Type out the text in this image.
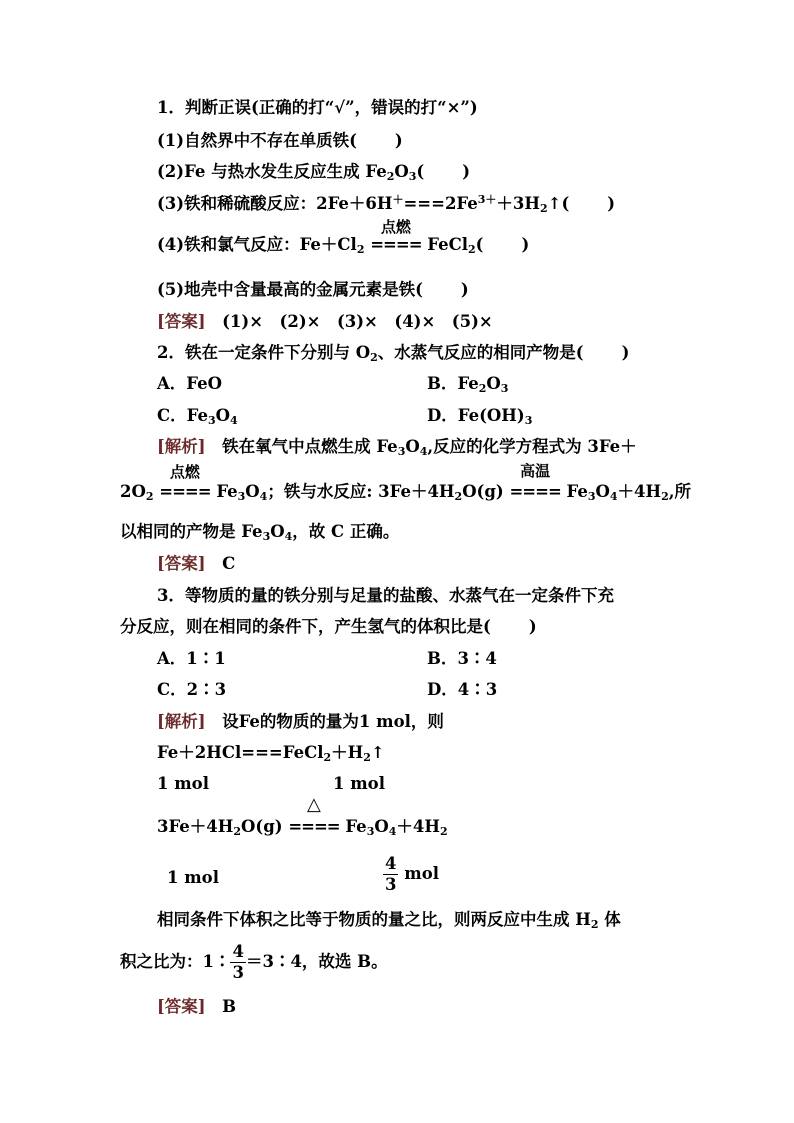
1．判断正误(正确的打“√”，错误的打“×”)
(1)自然界中不存在单质铁( )
(2)Fe 与热水发生反应生成 $Fe_2O_3$( )
(3)铁和稀硫酸反应：$2Fe+6H^+===2Fe^{3+}+3H_2↑$( )
(4)铁和氯气反应：$Fe+Cl_2$
点燃
==== FeCl$_2$( )
(5)地壳中含量最高的金属元素是铁( )
[答案]　 (1)×　(2)×　(3)×　(4)×　(5)×
2．铁在一定条件下分别与 $O_2$、水蒸气反应的相同产物是( )
A．FeO	B．$Fe_2O_3$
C．$Fe_3O_4$	D．$Fe(OH)_3$
[解析]　铁在氧气中点燃生成 $Fe_3O_4$,反应的化学方程式为 3Fe＋
$2O_2$
点燃
==== $Fe_3O_4$；铁与水反应: $3Fe+4H_2O(g)$
高温
==== $Fe_3O_4+4H_2$,所
以相同的产物是 $Fe_3O_4$，故 C 正确。
[答案]　 C
3．等物质的量的铁分别与足量的盐酸、水蒸气在一定条件下充
分反应，则在相同的条件下，产生氢气的体积比是( )
A．1∶1	B．3∶4
C．2∶3	D．4∶3
[解析]　 设Fe的物质的量为1 mol，则
$Fe+2HCl===FeCl_2+H_2↑$
1 mol	1 mol
$3Fe+4H_2O(g)$
△
==== $Fe_3O_4+4H_2$
1 mol	$\frac{4}{3}$ mol
相同条件下体积之比等于物质的量之比，则两反应中生成 $H_2$ 体
积之比为：1∶ $\frac{4}{3}$ ＝3∶4，故选 B。
[答案]　 B
